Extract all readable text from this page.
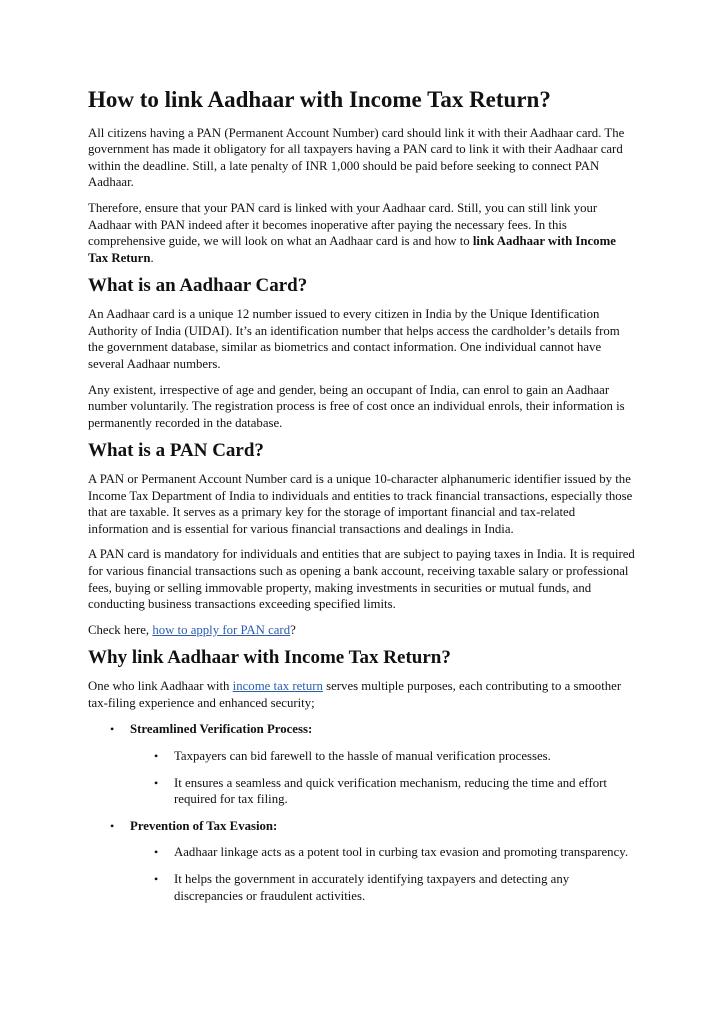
How to link Aadhaar with Income Tax Return?

All citizens having a PAN (Permanent Account Number) card should link it with their Aadhaar card. The government has made it obligatory for all taxpayers having a PAN card to link it with their Aadhaar card within the deadline. Still, a late penalty of INR 1,000 should be paid before seeking to connect PAN Aadhaar.

Therefore, ensure that your PAN card is linked with your Aadhaar card. Still, you can still link your Aadhaar with PAN indeed after it becomes inoperative after paying the necessary fees. In this comprehensive guide, we will look on what an Aadhaar card is and how to link Aadhaar with Income Tax Return.

What is an Aadhaar Card?

An Aadhaar card is a unique 12 number issued to every citizen in India by the Unique Identification Authority of India (UIDAI). It’s an identification number that helps access the cardholder’s details from the government database, similar as biometrics and contact information. One individual cannot have several Aadhaar numbers.

Any existent, irrespective of age and gender, being an occupant of India, can enrol to gain an Aadhaar number voluntarily. The registration process is free of cost once an individual enrols, their information is permanently recorded in the database.

What is a PAN Card?

A PAN or Permanent Account Number card is a unique 10-character alphanumeric identifier issued by the Income Tax Department of India to individuals and entities to track financial transactions, especially those that are taxable. It serves as a primary key for the storage of important financial and tax-related information and is essential for various financial transactions and dealings in India.

A PAN card is mandatory for individuals and entities that are subject to paying taxes in India. It is required for various financial transactions such as opening a bank account, receiving taxable salary or professional fees, buying or selling immovable property, making investments in securities or mutual funds, and conducting business transactions exceeding specified limits.

Check here, how to apply for PAN card?

Why link Aadhaar with Income Tax Return?

One who link Aadhaar with income tax return serves multiple purposes, each contributing to a smoother tax-filing experience and enhanced security;

• Streamlined Verification Process:
• Taxpayers can bid farewell to the hassle of manual verification processes.
• It ensures a seamless and quick verification mechanism, reducing the time and effort required for tax filing.
• Prevention of Tax Evasion:
• Aadhaar linkage acts as a potent tool in curbing tax evasion and promoting transparency.
• It helps the government in accurately identifying taxpayers and detecting any discrepancies or fraudulent activities.
